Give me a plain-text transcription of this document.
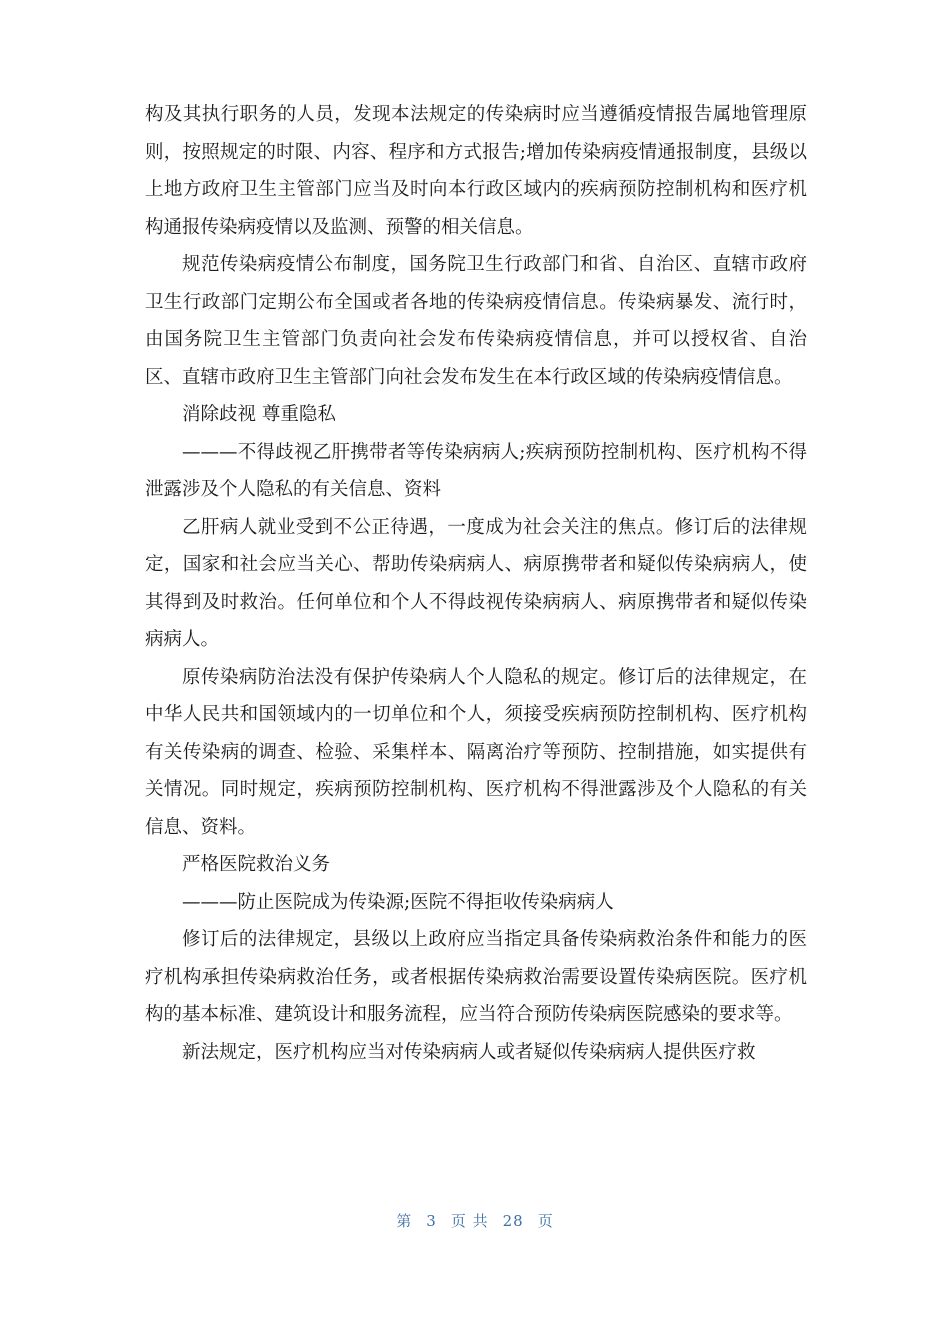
构及其执行职务的人员，发现本法规定的传染病时应当遵循疫情报告属地管理原则，按照规定的时限、内容、程序和方式报告;增加传染病疫情通报制度，县级以上地方政府卫生主管部门应当及时向本行政区域内的疾病预防控制机构和医疗机构通报传染病疫情以及监测、预警的相关信息。

规范传染病疫情公布制度，国务院卫生行政部门和省、自治区、直辖市政府卫生行政部门定期公布全国或者各地的传染病疫情信息。传染病暴发、流行时，由国务院卫生主管部门负责向社会发布传染病疫情信息，并可以授权省、自治区、直辖市政府卫生主管部门向社会发布发生在本行政区域的传染病疫情信息。

消除歧视 尊重隐私

———不得歧视乙肝携带者等传染病病人;疾病预防控制机构、医疗机构不得泄露涉及个人隐私的有关信息、资料

乙肝病人就业受到不公正待遇，一度成为社会关注的焦点。修订后的法律规定，国家和社会应当关心、帮助传染病病人、病原携带者和疑似传染病病人，使其得到及时救治。任何单位和个人不得歧视传染病病人、病原携带者和疑似传染病病人。

原传染病防治法没有保护传染病人个人隐私的规定。修订后的法律规定，在中华人民共和国领域内的一切单位和个人，须接受疾病预防控制机构、医疗机构有关传染病的调查、检验、采集样本、隔离治疗等预防、控制措施，如实提供有关情况。同时规定，疾病预防控制机构、医疗机构不得泄露涉及个人隐私的有关信息、资料。

严格医院救治义务

———防止医院成为传染源;医院不得拒收传染病病人

修订后的法律规定，县级以上政府应当指定具备传染病救治条件和能力的医疗机构承担传染病救治任务，或者根据传染病救治需要设置传染病医院。医疗机构的基本标准、建筑设计和服务流程，应当符合预防传染病医院感染的要求等。

新法规定，医疗机构应当对传染病病人或者疑似传染病病人提供医疗救

第 3 页 共 28 页
